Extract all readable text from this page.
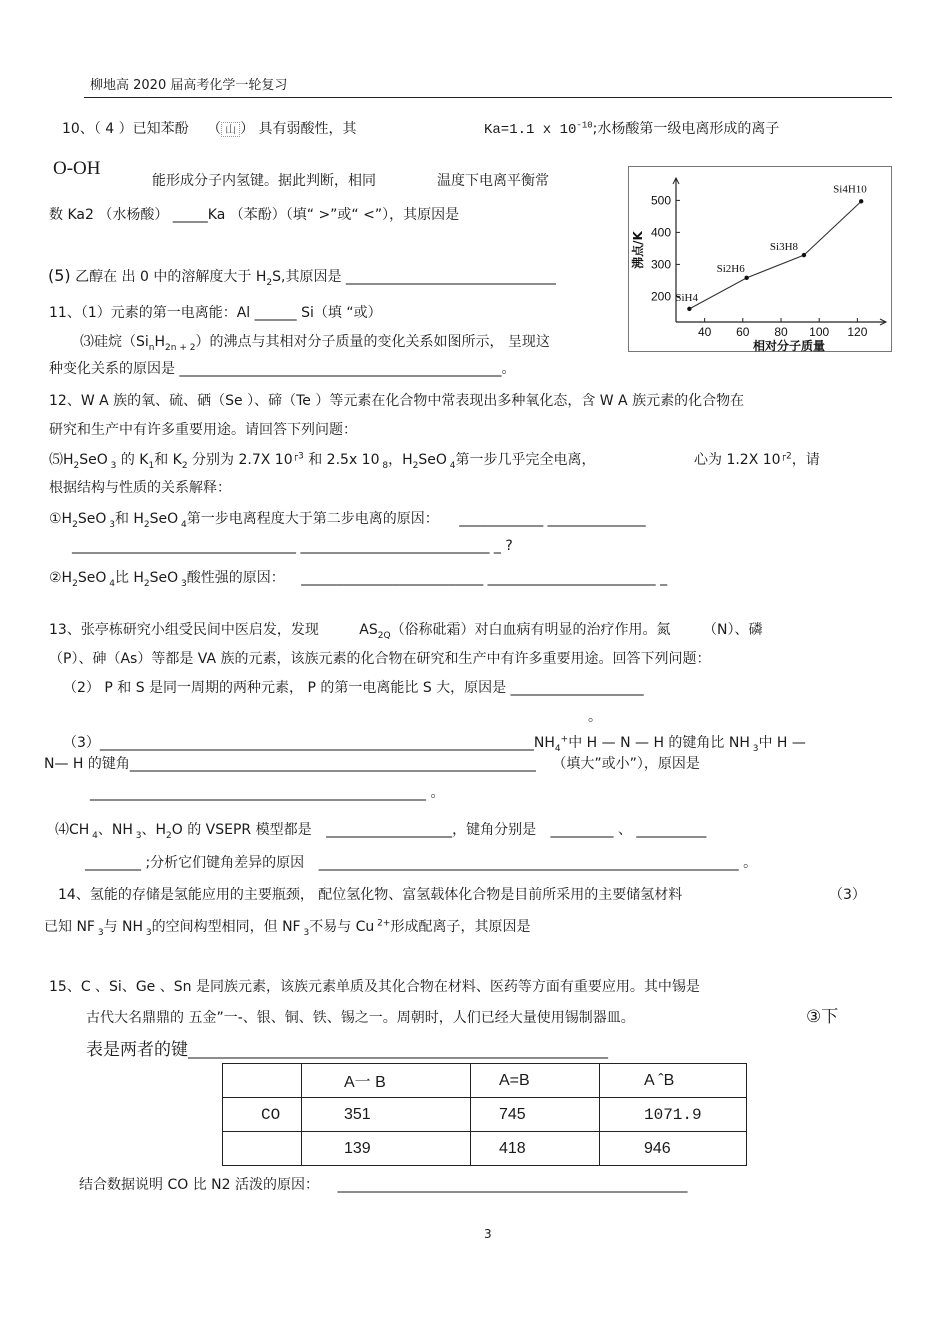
柳地高 2020 届高考化学一轮复习
10、（ 4 ）已知苯酚 （ 山 ） 具有弱酸性，其	Ka=1.1 x $10^{-10}$;水杨酸第一级电离形成的离子
O-OH
能形成分子内氢键。据此判断，相同	温度下电离平衡常
数 Ka2 （水杨酸） _____Ka （苯酚）（填“ >”或“ <”），其原因是
(5) 乙醇在 出 0 中的溶解度大于 $H_2S$,其原因是 ______________________________
11、（1）元素的第一电离能：Al ______ Si（填 “或）
⑶硅烷$(Si_nH_{2n + 2})$的沸点与其相对分子质量的变化关系如图所示， 呈现这
种变化关系的原因是 ______________________________________________。
40 60 80 100 120
200
300
400
500
相对分子质量
沸点/K
SiH4
Si2H6
Si3H8
Si4H10
12、W A 族的氧、硫、硒（Se ）、碲（Te ）等元素在化合物中常表现出多种氧化态，含 W A 族元素的化合物在
研究和生产中有许多重要用途。请回答下列问题：
$⑸H_2SeO$ $_3$ 的 $K_1$和 $K_2$ 分别为 2.7X $10^{┌3}$ 和 2.5x 10 $_8$，$H_2SeO$ $_4$第一步几乎完全电离，	心为 1.2X $10^{┌2}$，请
根据结构与性质的关系解释：
$①H_2SeO$ $_3$和 $H_2SeO$ $_4$第一步电离程度大于第二步电离的原因： ____________ ______________
________________________________ ___________________________ _ ?
$②H_2SeO$ $_4$比 $H_2SeO$ $_3$酸性强的原因： __________________________ ________________________ _
13、张亭栋研究小组受民间中医启发，发现	$AS_{2Q}$（俗称砒霜）对白血病有明显的治疗作用。氮 （N）、磷
（P）、砷（As）等都是 VA 族的元素，该族元素的化合物在研究和生产中有许多重要用途。回答下列问题：
（2） P 和 S 是同一周期的两种元素， P 的第一电离能比 S 大，原因是 ___________________
。
$(3)\_\_\_\_\_\_\_\_\_\_\_\_\_\_\_\_\_\_\_\_\_\_\_\_\_\_\_\_\_\_\_\_\_\_\_\_\_\_\_\_\_\_\_\_\_\_\_\_\_\_\_\_\_\_\_\_\_\_\_\_\_\_NH_4^+$中 H — N — H 的键角比 NH $_3$中 H —
N— H 的键角__________________________________________________________ （填大”或小”），原因是
________________________________________________ 。
⑷CH $_4$、NH $_3$、$H_2O$ 的 VSEPR 模型都是 __________________，键角分别是 _________ 、 __________
________ ;分析它们键角差异的原因 ____________________________________________________________ 。
14、氢能的存储是氢能应用的主要瓶颈， 配位氢化物、富氢载体化合物是目前所采用的主要储氢材料	（3）
已知 NF $_3$与 NH $_3$的空间构型相同，但 NF $_3$不易与 Cu $^{2+}$形成配离子，其原因是
15、C 、Si、Ge 、Sn 是同族元素，该族元素单质及其化合物在材料、医药等方面有重要应用。其中锡是
古代大名鼎鼎的 五金”一-、银、铜、铁、锡之一。周朝时，人们已经大量使用锡制器皿。	③下
表是两者的键____________________________________________________________
	A一 B	A=B	A ˆB
CO	351	745	1071.9
	139	418	946
结合数据说明 CO 比 N2 活泼的原因： __________________________________________________
3
